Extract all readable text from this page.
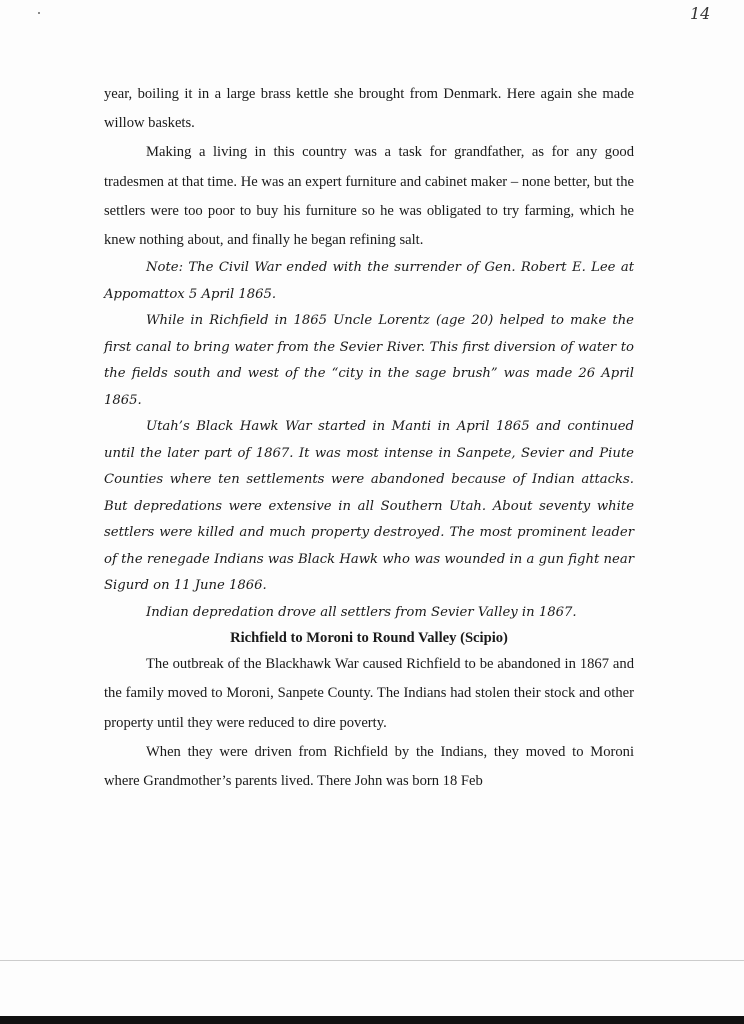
14

year, boiling it in a large brass kettle she brought from Denmark. Here again she made willow baskets.

Making a living in this country was a task for grandfather, as for any good tradesmen at that time. He was an expert furniture and cabinet maker – none better, but the settlers were too poor to buy his furniture so he was obligated to try farming, which he knew nothing about, and finally he began refining salt.

Note: The Civil War ended with the surrender of Gen. Robert E. Lee at Appomattox 5 April 1865.

While in Richfield in 1865 Uncle Lorentz (age 20) helped to make the first canal to bring water from the Sevier River. This first diversion of water to the fields south and west of the “city in the sage brush” was made 26 April 1865.

Utah’s Black Hawk War started in Manti in April 1865 and continued until the later part of 1867. It was most intense in Sanpete, Sevier and Piute Counties where ten settlements were abandoned because of Indian attacks. But depredations were extensive in all Southern Utah. About seventy white settlers were killed and much property destroyed. The most prominent leader of the renegade Indians was Black Hawk who was wounded in a gun fight near Sigurd on 11 June 1866.

Indian depredation drove all settlers from Sevier Valley in 1867.

Richfield to Moroni to Round Valley (Scipio)

The outbreak of the Blackhawk War caused Richfield to be abandoned in 1867 and the family moved to Moroni, Sanpete County. The Indians had stolen their stock and other property until they were reduced to dire poverty.

When they were driven from Richfield by the Indians, they moved to Moroni where Grandmother’s parents lived. There John was born 18 Feb
